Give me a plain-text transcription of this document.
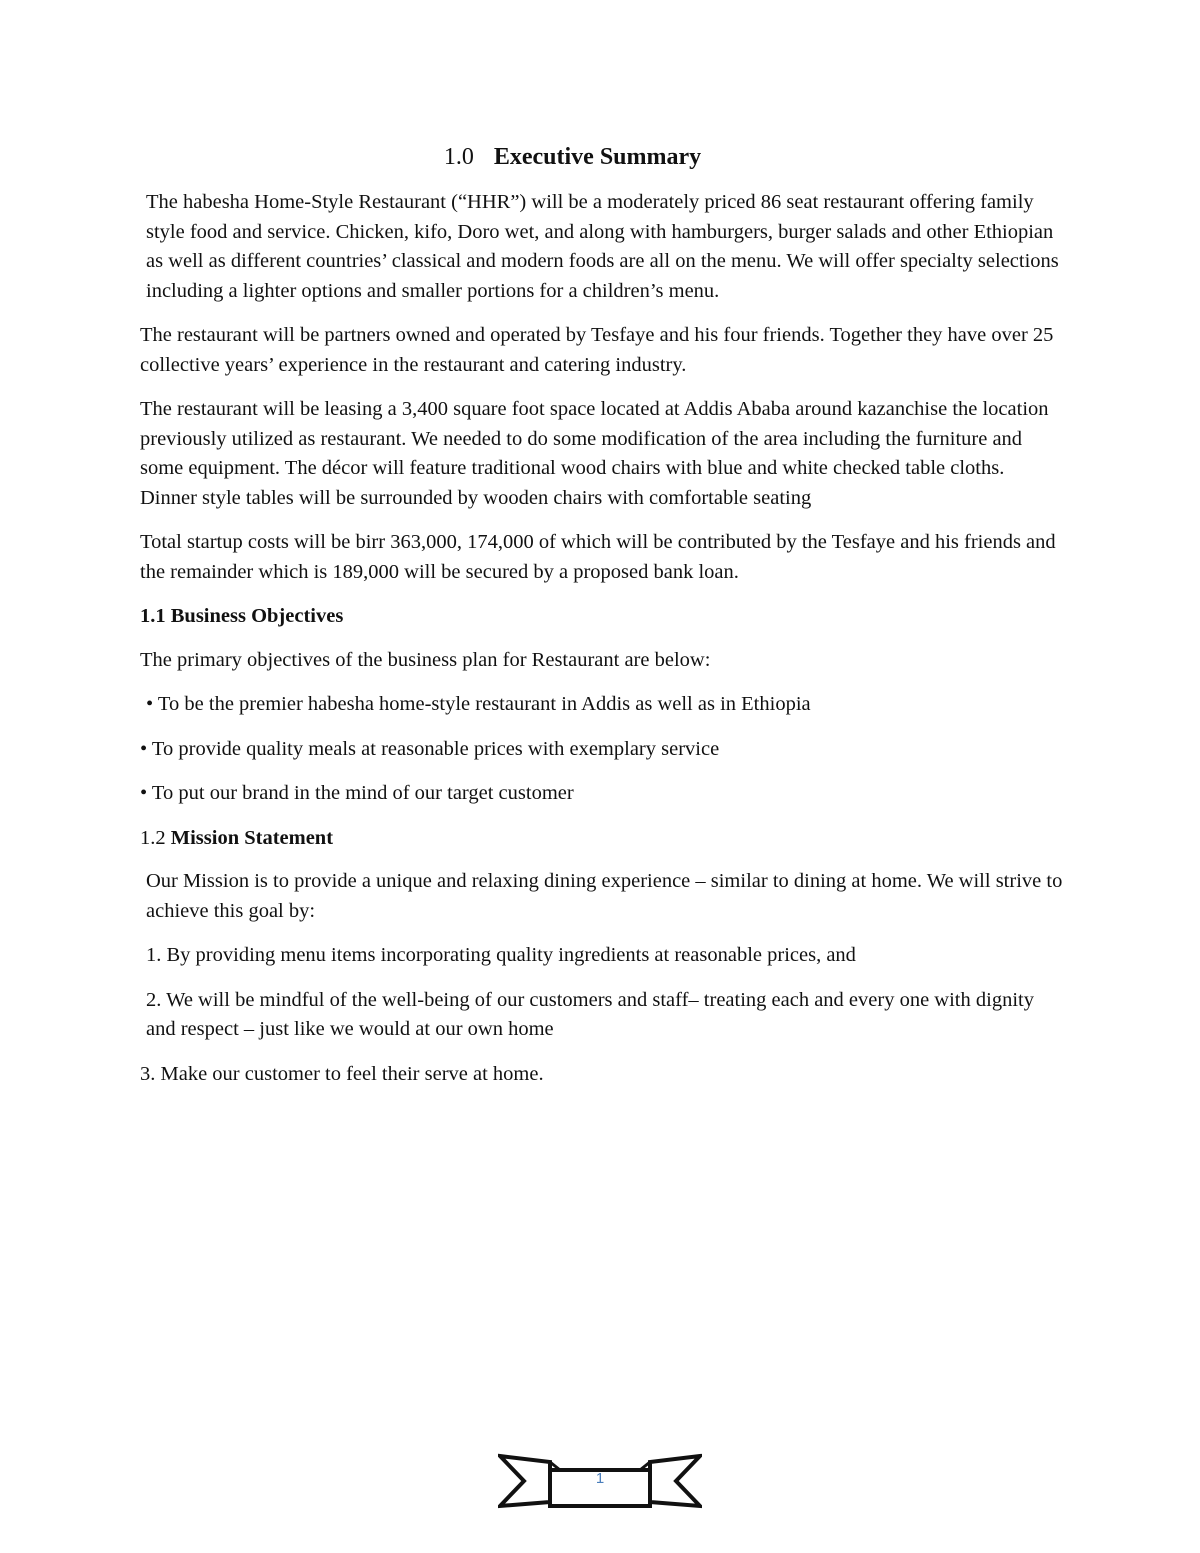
1.0 Executive Summary

The habesha Home-Style Restaurant (“HHR”) will be a moderately priced 86 seat restaurant offering family style food and service. Chicken, kifo, Doro wet, and along with hamburgers, burger salads and other Ethiopian as well as different countries’ classical and modern foods are all on the menu. We will offer specialty selections including a lighter options and smaller portions for a children’s menu.

The restaurant will be partners owned and operated by Tesfaye and his four friends. Together they have over 25 collective years’ experience in the restaurant and catering industry.

The restaurant will be leasing a 3,400 square foot space located at Addis Ababa around kazanchise the location previously utilized as restaurant. We needed to do some modification of the area including the furniture and some equipment. The décor will feature traditional wood chairs with blue and white checked table cloths. Dinner style tables will be surrounded by wooden chairs with comfortable seating

Total startup costs will be birr 363,000, 174,000 of which will be contributed by the Tesfaye and his friends and the remainder which is 189,000 will be secured by a proposed bank loan.

1.1 Business Objectives

The primary objectives of the business plan for Restaurant are below:

• To be the premier habesha home-style restaurant in Addis as well as in Ethiopia

• To provide quality meals at reasonable prices with exemplary service

• To put our brand in the mind of our target customer

1.2 Mission Statement

Our Mission is to provide a unique and relaxing dining experience – similar to dining at home. We will strive to achieve this goal by:

1. By providing menu items incorporating quality ingredients at reasonable prices, and

2. We will be mindful of the well-being of our customers and staff– treating each and every one with dignity and respect – just like we would at our own home

3. Make our customer to feel their serve at home.

1
